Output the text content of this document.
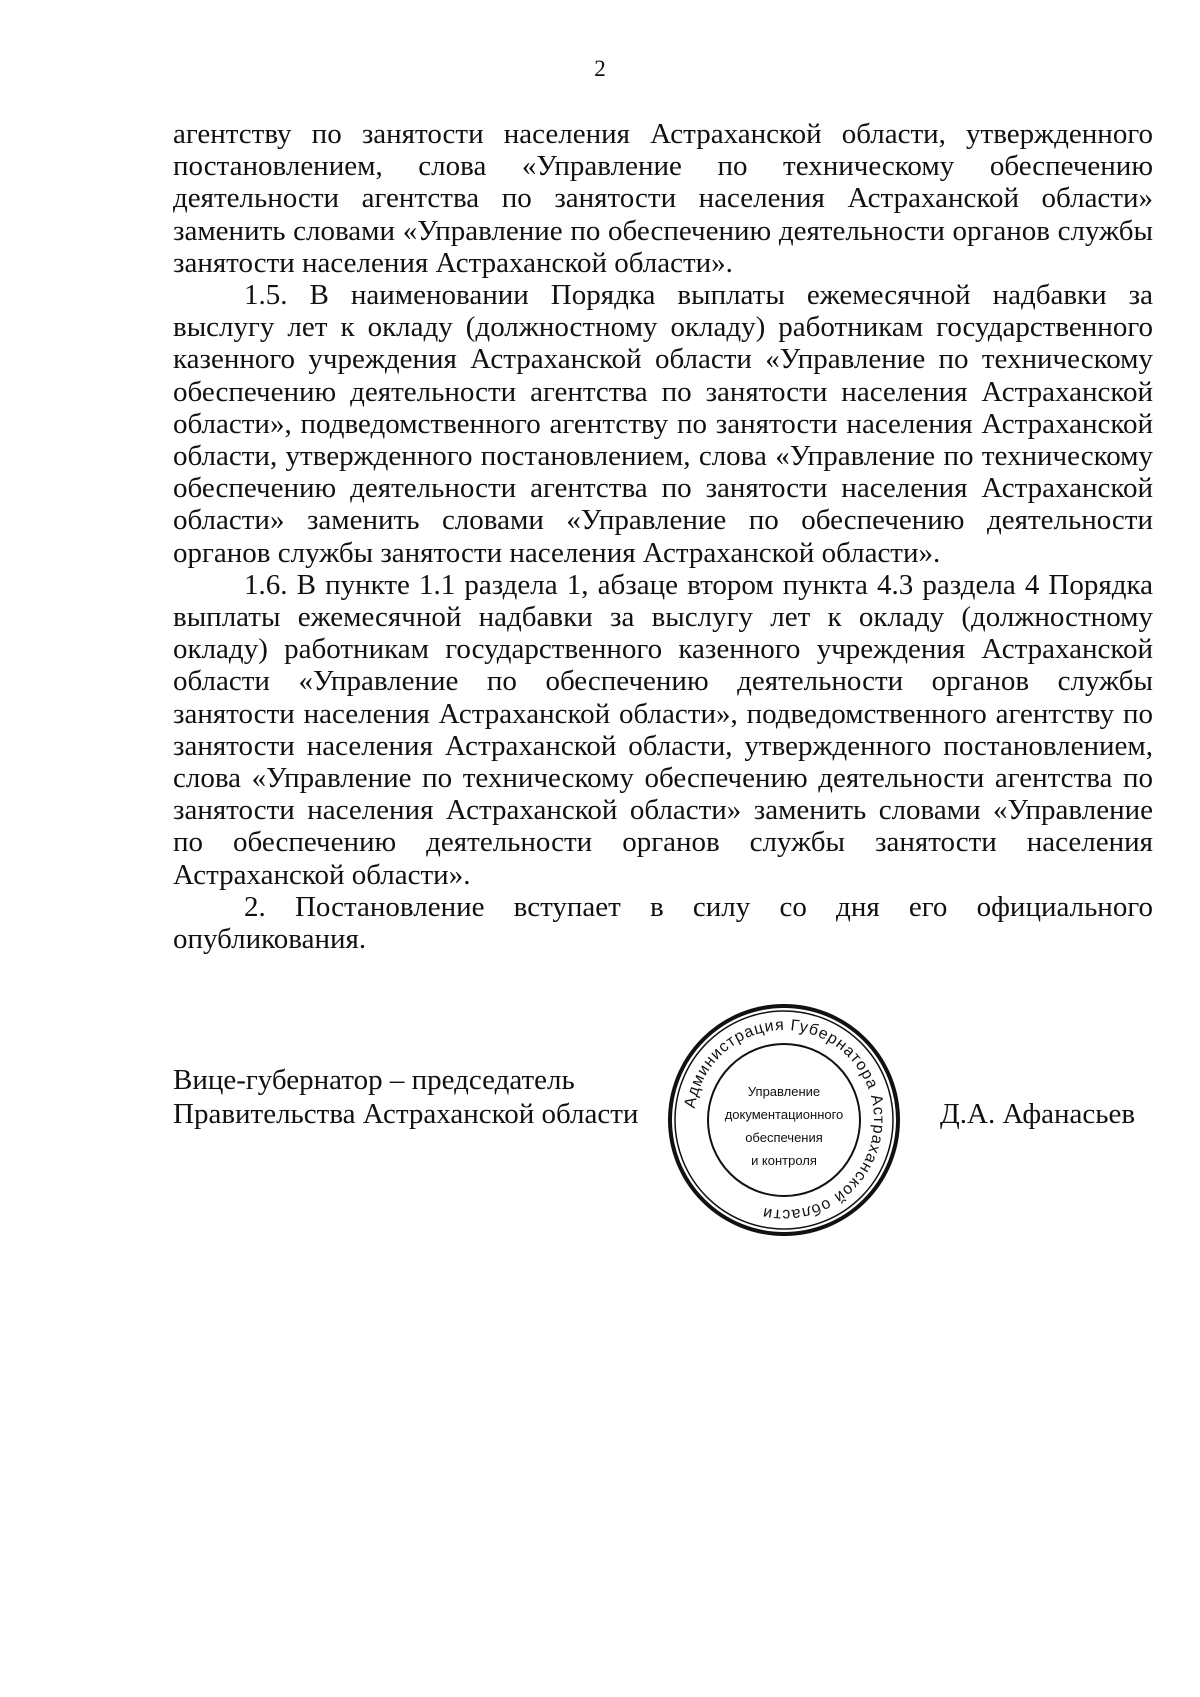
2

агентству по занятости населения Астраханской области, утвержденного постановлением, слова «Управление по техническому обеспечению деятельности агентства по занятости населения Астраханской области» заменить словами «Управление по обеспечению деятельности органов службы занятости населения Астраханской области».

1.5. В наименовании Порядка выплаты ежемесячной надбавки за выслугу лет к окладу (должностному окладу) работникам государственного казенного учреждения Астраханской области «Управление по техническому обеспечению деятельности агентства по занятости населения Астраханской области», подведомственного агентству по занятости населения Астраханской области, утвержденного постановлением, слова «Управление по техническому обеспечению деятельности агентства по занятости населения Астраханской области» заменить словами «Управление по обеспечению деятельности органов службы занятости населения Астраханской области».

1.6. В пункте 1.1 раздела 1, абзаце втором пункта 4.3 раздела 4 Порядка выплаты ежемесячной надбавки за выслугу лет к окладу (должностному окладу) работникам государственного казенного учреждения Астраханской области «Управление по обеспечению деятельности органов службы занятости населения Астраханской области», подведомственного агентству по занятости населения Астраханской области, утвержденного постановлением, слова «Управление по техническому обеспечению деятельности агентства по занятости населения Астраханской области» заменить словами «Управление по обеспечению деятельности органов службы занятости населения Астраханской области».

2. Постановление вступает в силу со дня его официального опубликования.

Вице-губернатор – председатель
Правительства Астраханской области	Администрация Губернатора Астраханской области
Управление
документационного
обеспечения
и контроля
Д.А. Афанасьев
